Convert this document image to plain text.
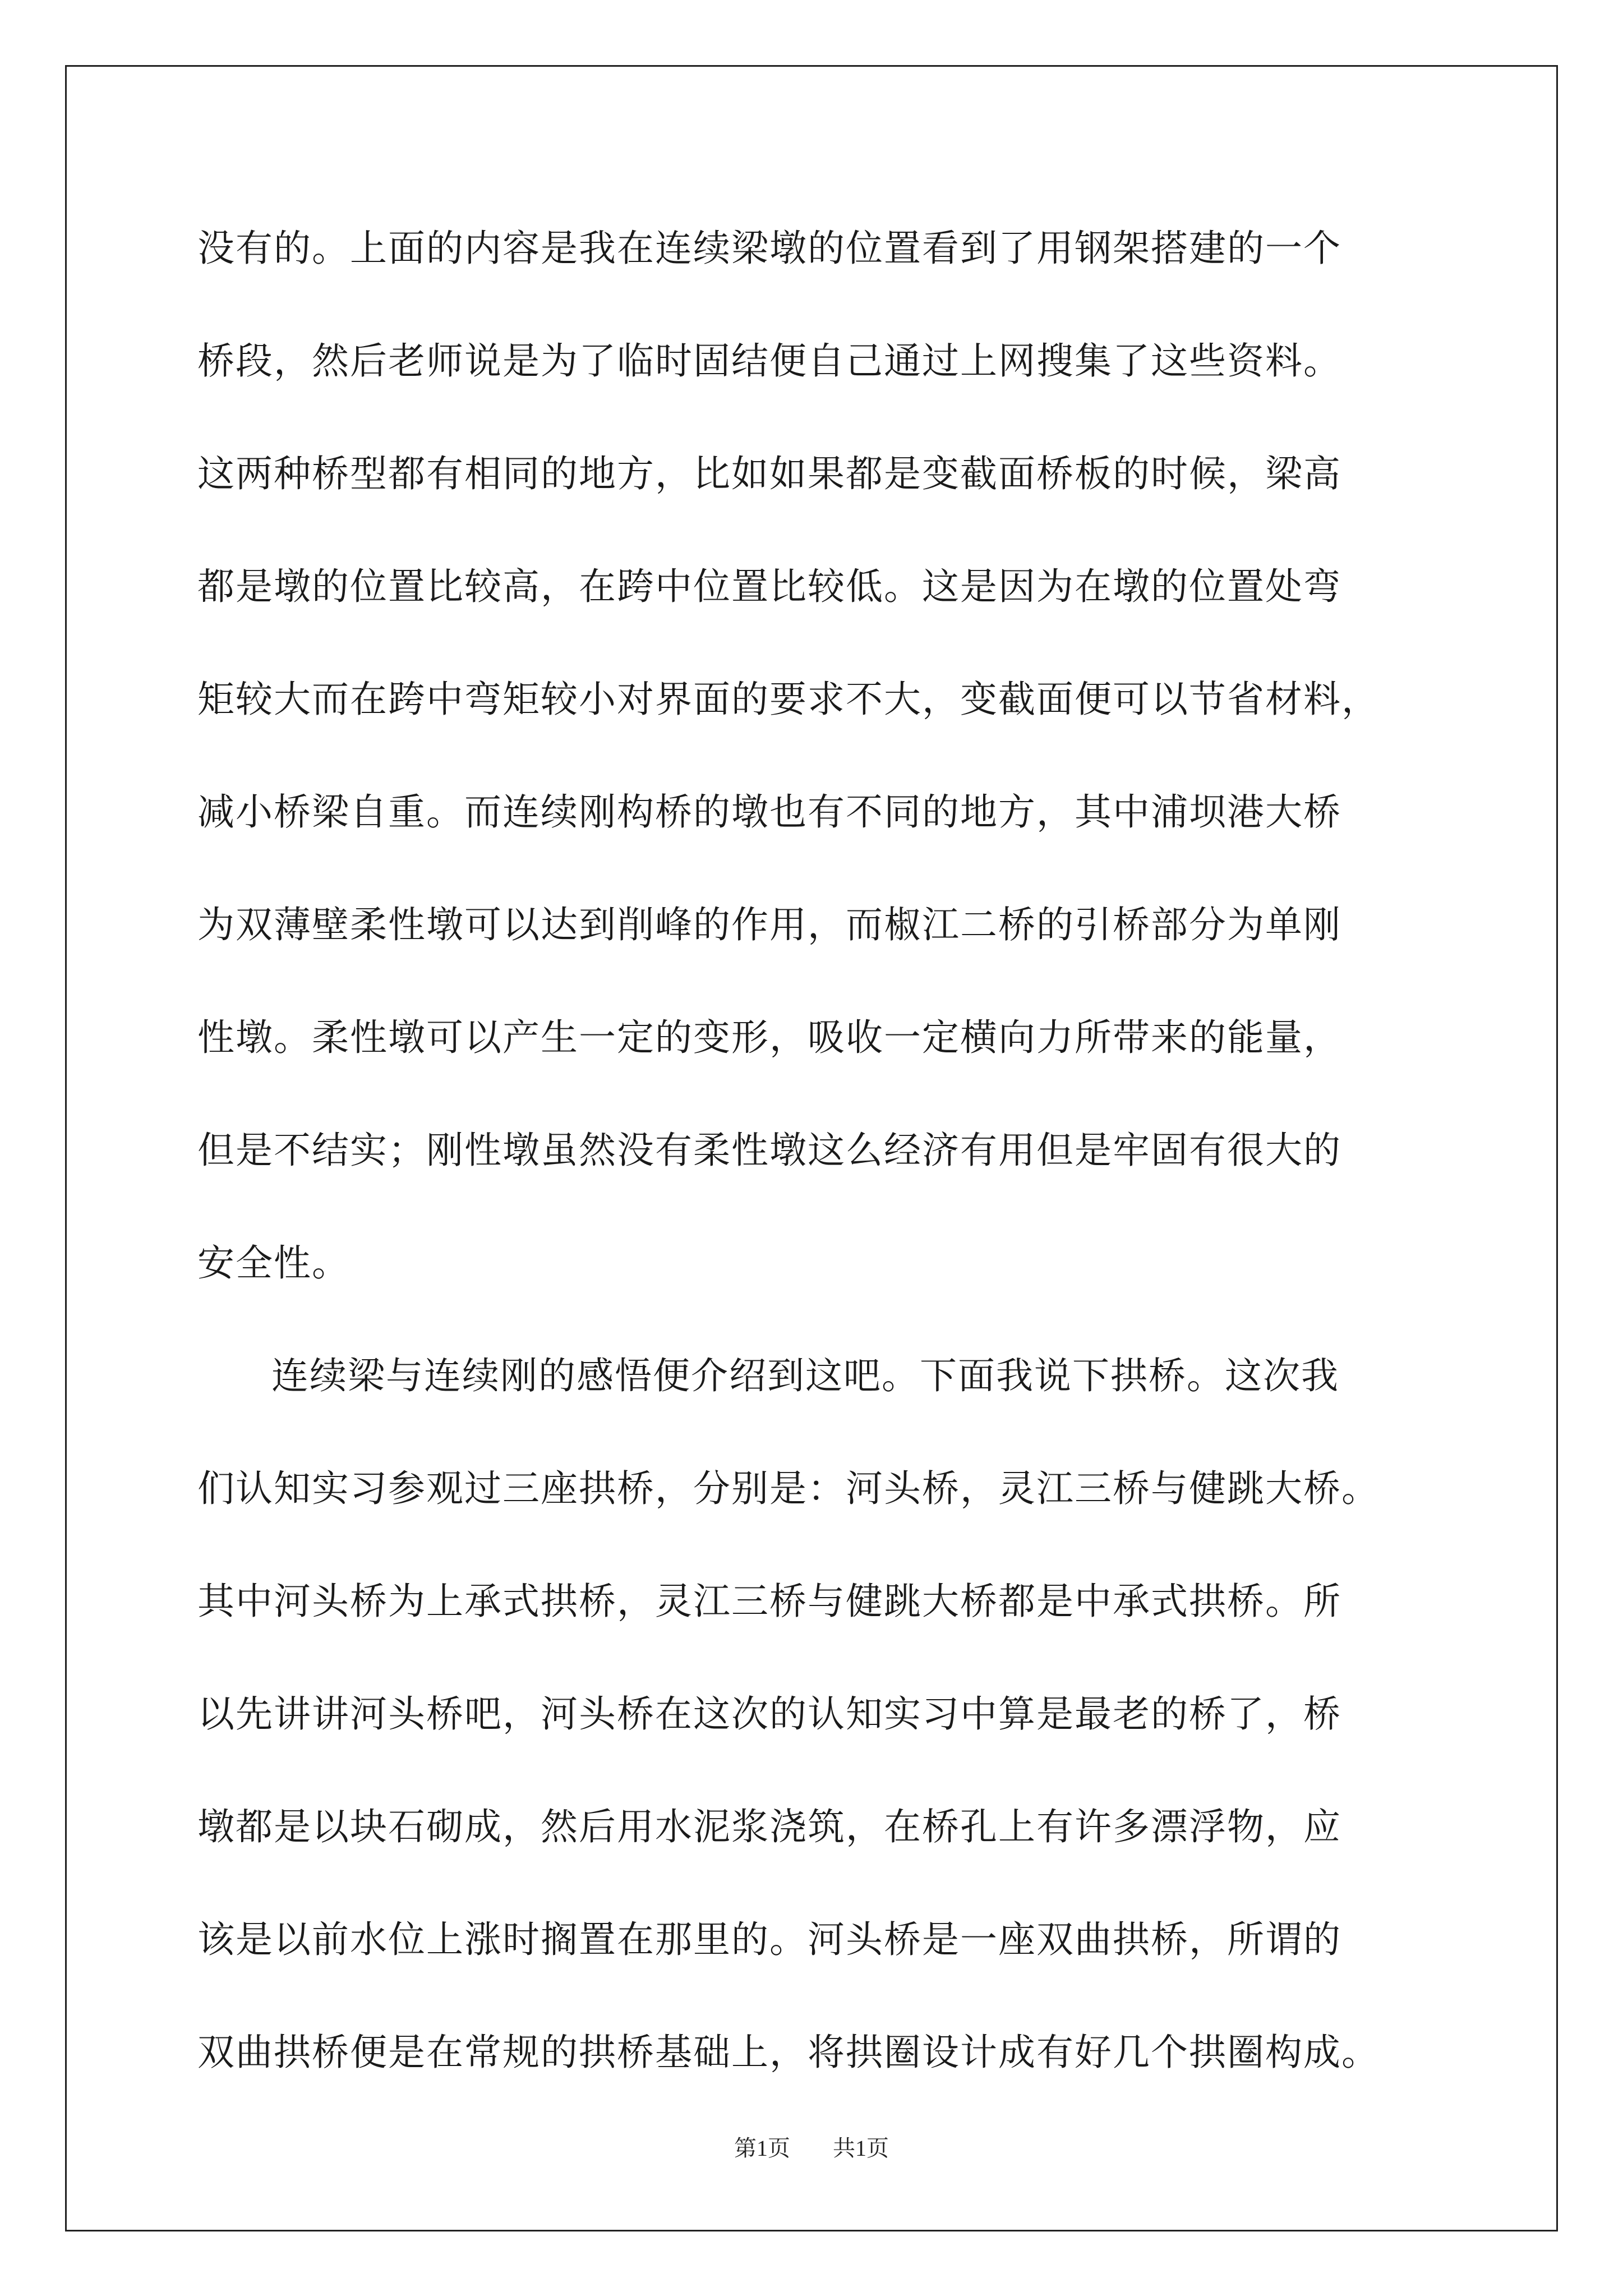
没有的。上面的内容是我在连续梁墩的位置看到了用钢架搭建的一个
桥段，然后老师说是为了临时固结便自己通过上网搜集了这些资料。
这两种桥型都有相同的地方，比如如果都是变截面桥板的时候，梁高
都是墩的位置比较高，在跨中位置比较低。这是因为在墩的位置处弯
矩较大而在跨中弯矩较小对界面的要求不大，变截面便可以节省材料，
减小桥梁自重。而连续刚构桥的墩也有不同的地方，其中浦坝港大桥
为双薄壁柔性墩可以达到削峰的作用，而椒江二桥的引桥部分为单刚
性墩。柔性墩可以产生一定的变形，吸收一定横向力所带来的能量，
但是不结实；刚性墩虽然没有柔性墩这么经济有用但是牢固有很大的
安全性。
连续梁与连续刚的感悟便介绍到这吧。下面我说下拱桥。这次我
们认知实习参观过三座拱桥，分别是：河头桥，灵江三桥与健跳大桥。
其中河头桥为上承式拱桥，灵江三桥与健跳大桥都是中承式拱桥。所
以先讲讲河头桥吧，河头桥在这次的认知实习中算是最老的桥了，桥
墩都是以块石砌成，然后用水泥浆浇筑，在桥孔上有许多漂浮物，应
该是以前水位上涨时搁置在那里的。河头桥是一座双曲拱桥，所谓的
双曲拱桥便是在常规的拱桥基础上，将拱圈设计成有好几个拱圈构成。
第1页 共1页
